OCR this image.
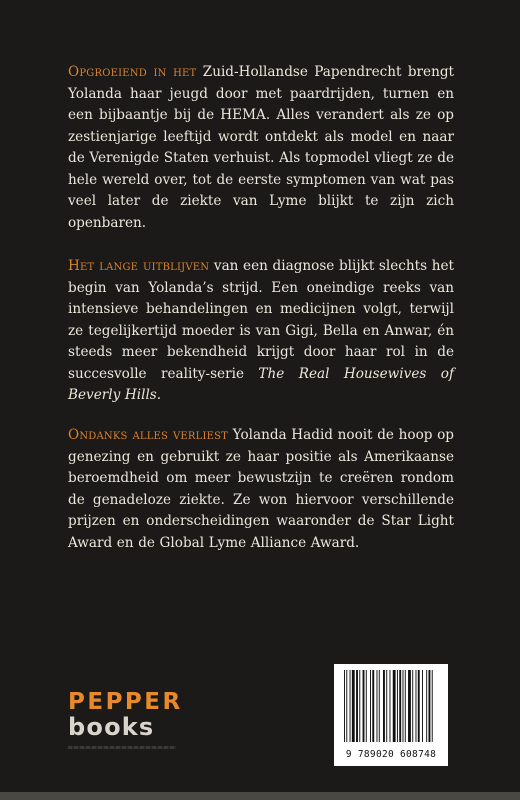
Opgroeiend in het Zuid-Hollandse Papendrecht brengt Yolanda haar jeugd door met paardrijden, turnen en een bijbaantje bij de HEMA. Alles verandert als ze op zestienjarige leeftijd wordt ontdekt als model en naar de Verenigde Staten verhuist. Als topmodel vliegt ze de hele wereld over, tot de eerste symptomen van wat pas veel later de ziekte van Lyme blijkt te zijn zich openbaren.

Het lange uitblijven van een diagnose blijkt slechts het begin van Yolanda’s strijd. Een oneindige reeks van intensieve behandelingen en medicijnen volgt, terwijl ze tegelijkertijd moeder is van Gigi, Bella en Anwar, én steeds meer bekendheid krijgt door haar rol in de succesvolle reality-serie The Real Housewives of Beverly Hills.

Ondanks alles verliest Yolanda Hadid nooit de hoop op genezing en gebruikt ze haar positie als Amerikaanse beroemdheid om meer bewustzijn te creëren rondom de genadeloze ziekte. Ze won hiervoor verschillende prijzen en onderscheidingen waaronder de Star Light Award en de Global Lyme Alliance Award.

PEPPER
books
9 789020 608748
